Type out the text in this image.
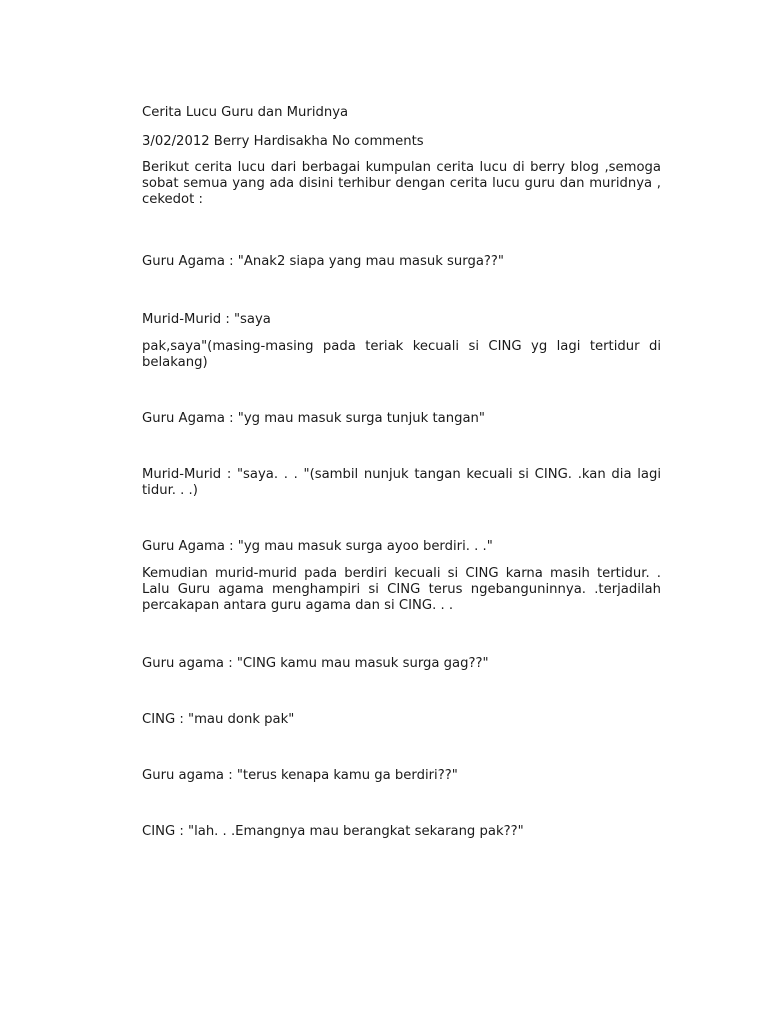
Cerita Lucu Guru dan Muridnya

3/02/2012 Berry Hardisakha No comments

Berikut cerita lucu dari berbagai kumpulan cerita lucu di berry blog ,semoga sobat semua yang ada disini terhibur dengan cerita lucu guru dan muridnya , cekedot :

Guru Agama : "Anak2 siapa yang mau masuk surga??"

Murid-Murid : "saya

pak,saya"(masing-masing pada teriak kecuali si CING yg lagi tertidur di belakang)

Guru Agama : "yg mau masuk surga tunjuk tangan"

Murid-Murid : "saya. . . "(sambil nunjuk tangan kecuali si CING. .kan dia lagi tidur. . .)

Guru Agama : "yg mau masuk surga ayoo berdiri. . ."

Kemudian murid-murid pada berdiri kecuali si CING karna masih tertidur. . Lalu Guru agama menghampiri si CING terus ngebanguninnya. .terjadilah percakapan antara guru agama dan si CING. . .

Guru agama : "CING kamu mau masuk surga gag??"

CING : "mau donk pak"

Guru agama : "terus kenapa kamu ga berdiri??"

CING : "lah. . .Emangnya mau berangkat sekarang pak??"
